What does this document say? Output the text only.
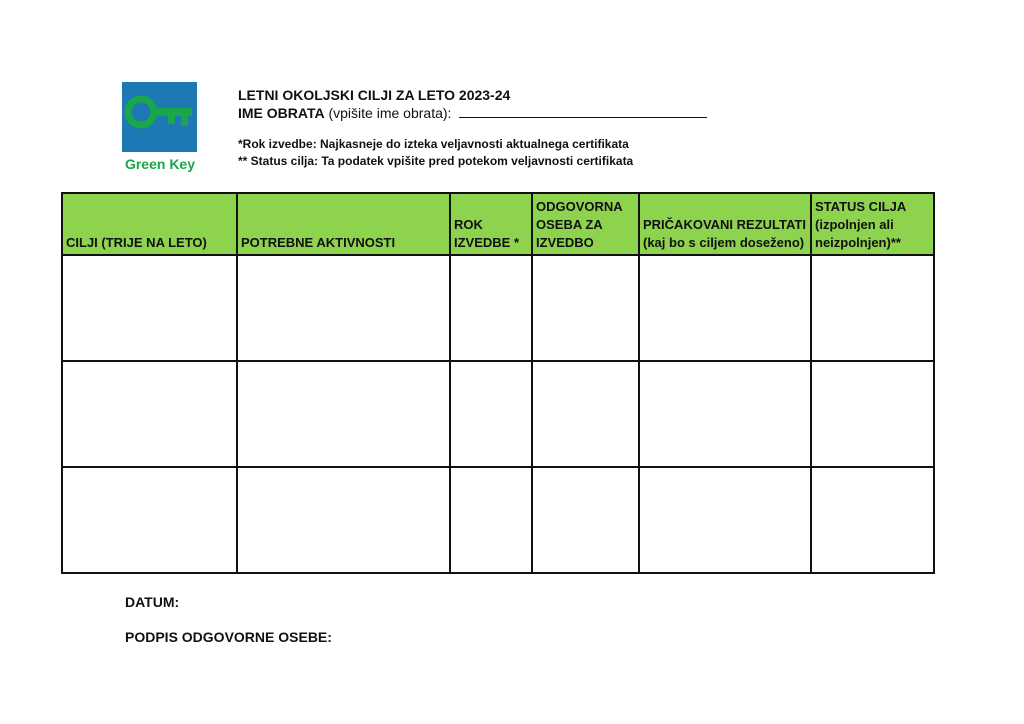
Green Key
LETNI OKOLJSKI CILJI ZA LETO 2023-24
IME OBRATA (vpišite ime obrata):
*Rok izvedbe: Najkasneje do izteka veljavnosti aktualnega certifikata
** Status cilja: Ta podatek vpišite pred potekom veljavnosti certifikata
CILJI (TRIJE NA LETO)	POTREBNE AKTIVNOSTI	ROK IZVEDBE *	ODGOVORNA OSEBA ZA IZVEDBO	PRIČAKOVANI REZULTATI (kaj bo s ciljem doseženo)	STATUS CILJA (izpolnjen ali neizpolnjen)**

DATUM:
PODPIS ODGOVORNE OSEBE:
